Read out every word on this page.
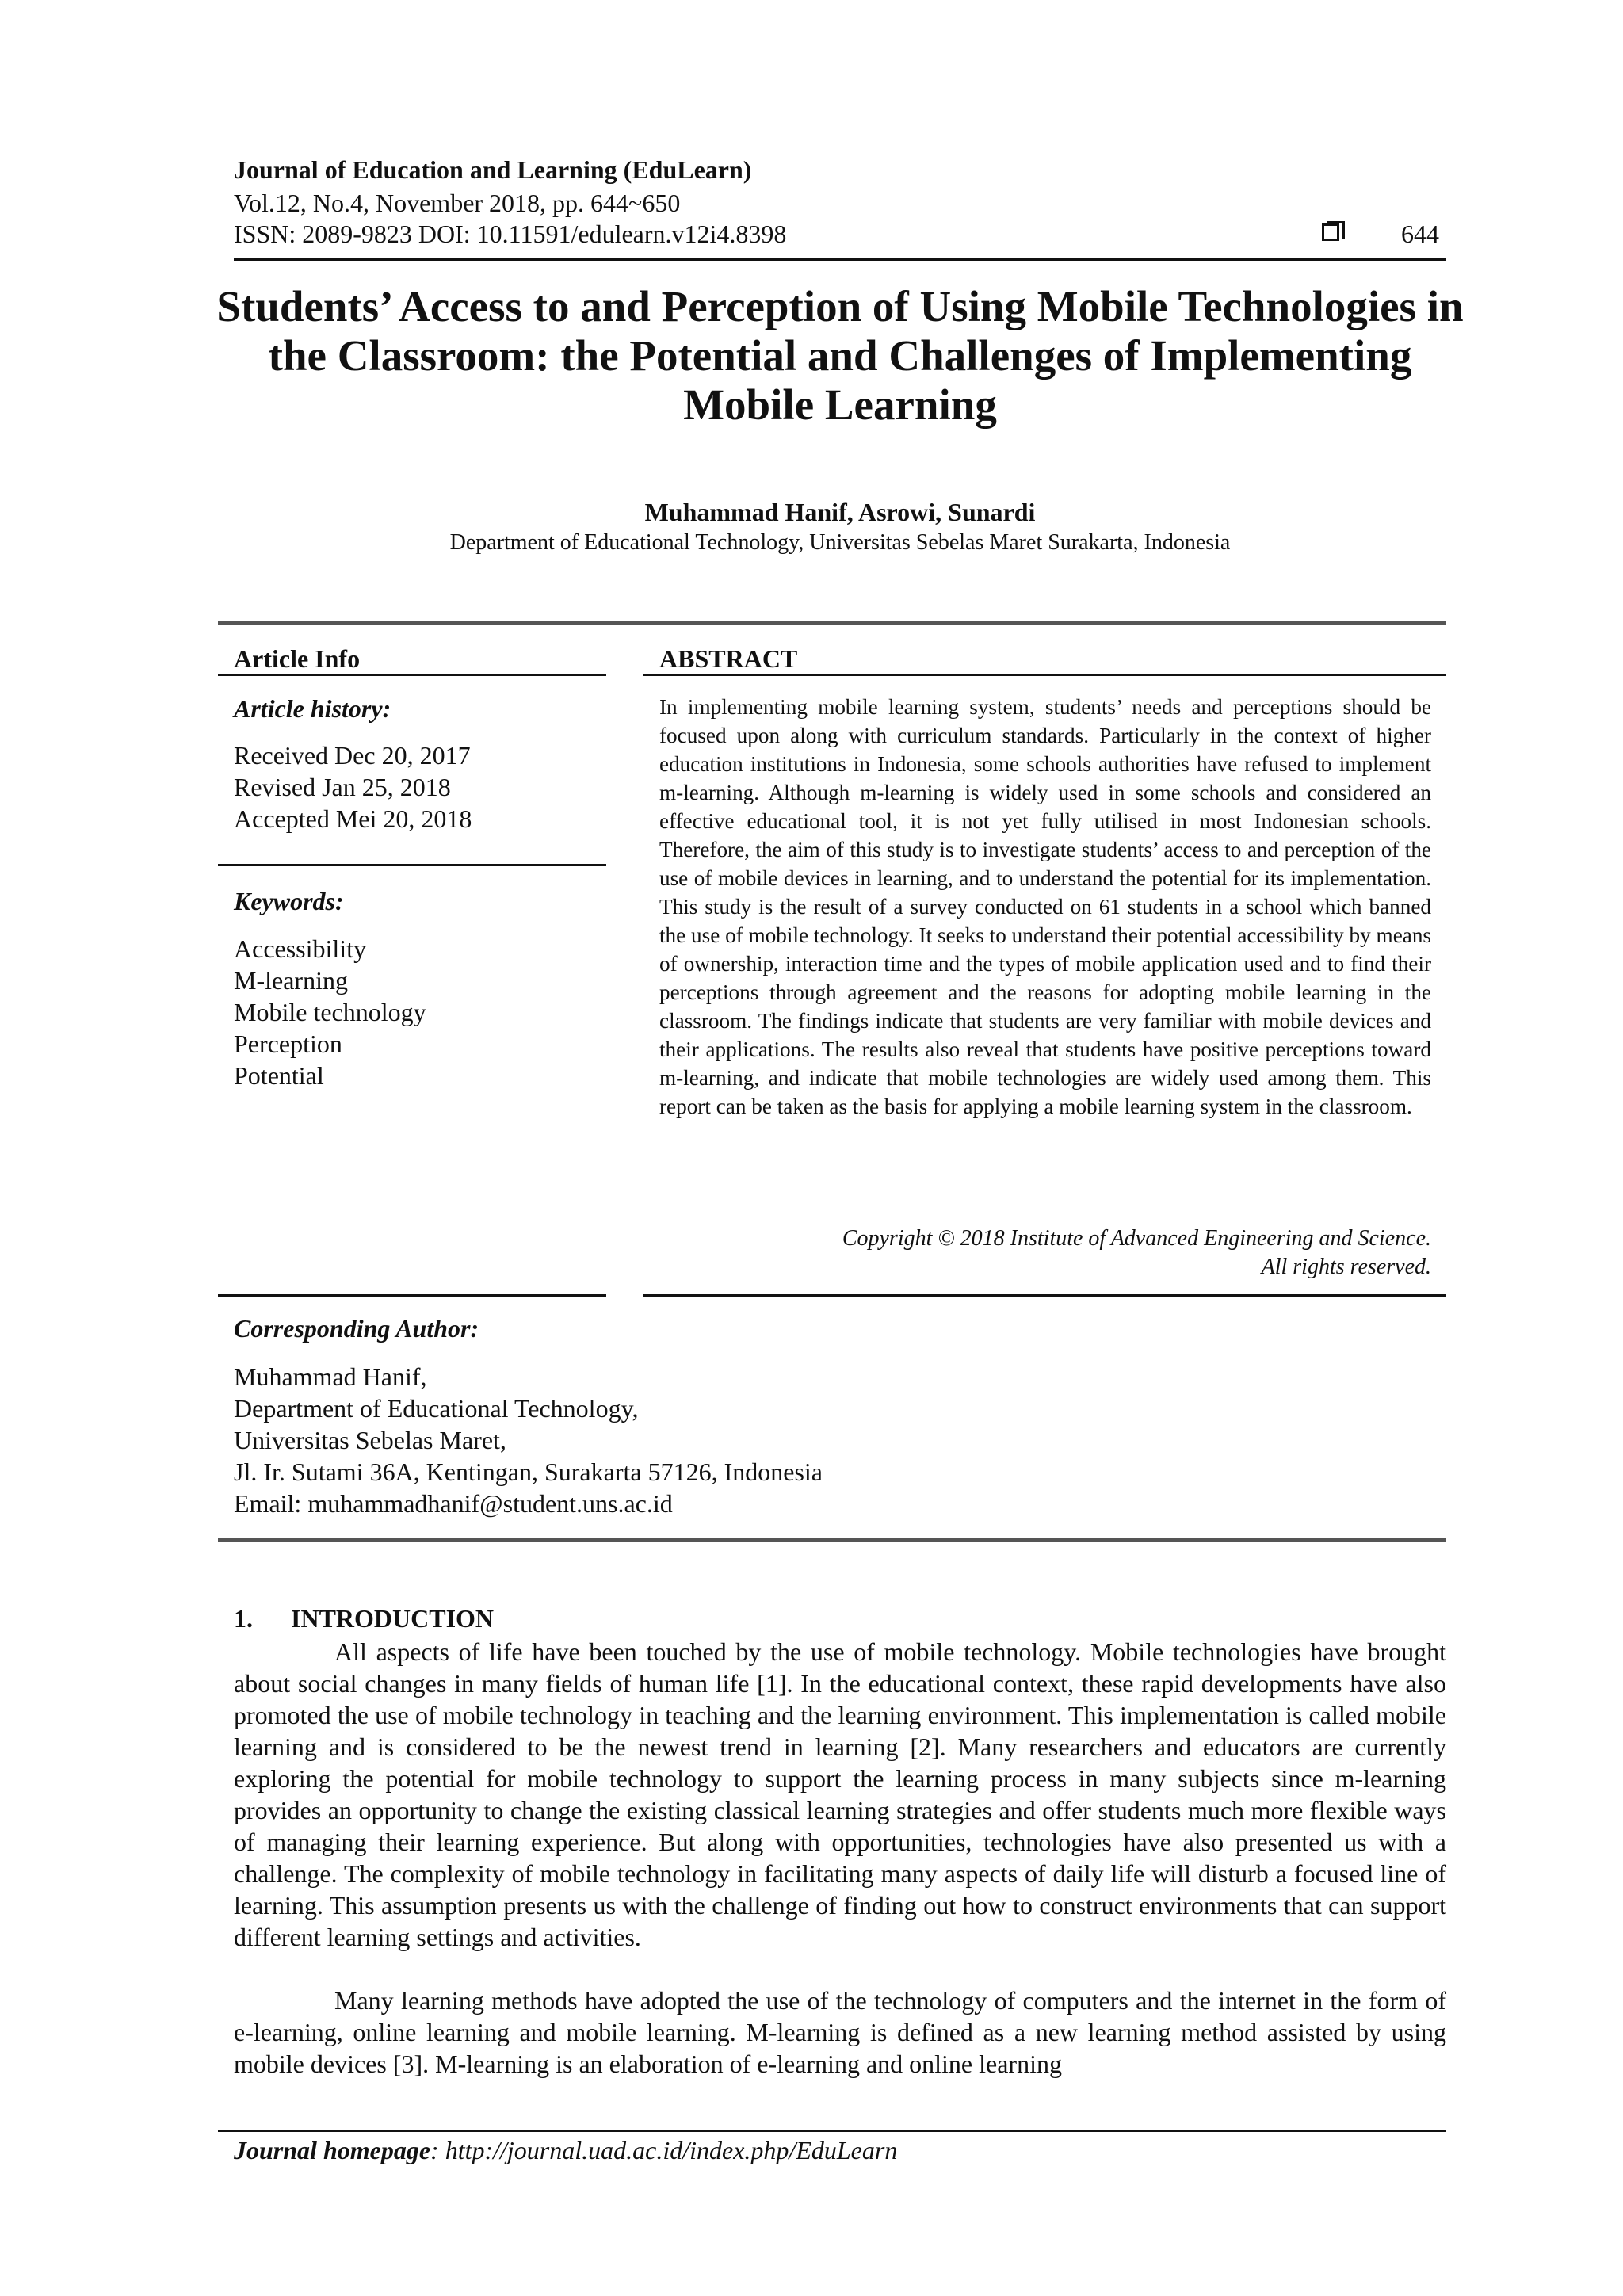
Journal of Education and Learning (EduLearn)
Vol.12, No.4, November 2018, pp. 644~650
ISSN: 2089-9823 DOI: 10.11591/edulearn.v12i4.8398	644
Students’ Access to and Perception of Using Mobile Technologies in the Classroom: the Potential and Challenges of Implementing Mobile Learning
Muhammad Hanif, Asrowi, Sunardi
Department of Educational Technology, Universitas Sebelas Maret Surakarta, Indonesia
Article Info	ABSTRACT
Article history:
Received Dec 20, 2017
Revised Jan 25, 2018
Accepted Mei 20, 2018
Keywords:
Accessibility
M-learning
Mobile technology
Perception
Potential

In implementing mobile learning system, students’ needs and perceptions should be focused upon along with curriculum standards. Particularly in the context of higher education institutions in Indonesia, some schools authorities have refused to implement m-learning. Although m-learning is widely used in some schools and considered an effective educational tool, it is not yet fully utilised in most Indonesian schools. Therefore, the aim of this study is to investigate students’ access to and perception of the use of mobile devices in learning, and to understand the potential for its implementation. This study is the result of a survey conducted on 61 students in a school which banned the use of mobile technology. It seeks to understand their potential accessibility by means of ownership, interaction time and the types of mobile application used and to find their perceptions through agreement and the reasons for adopting mobile learning in the classroom. The findings indicate that students are very familiar with mobile devices and their applications. The results also reveal that students have positive perceptions toward m-learning, and indicate that mobile technologies are widely used among them. This report can be taken as the basis for applying a mobile learning system in the classroom.

Copyright © 2018 Institute of Advanced Engineering and Science.
All rights reserved.
Corresponding Author:
Muhammad Hanif,
Department of Educational Technology,
Universitas Sebelas Maret,
Jl. Ir. Sutami 36A, Kentingan, Surakarta 57126, Indonesia
Email: muhammadhanif@student.uns.ac.id
1. INTRODUCTION

All aspects of life have been touched by the use of mobile technology. Mobile technologies have brought about social changes in many fields of human life [1]. In the educational context, these rapid developments have also promoted the use of mobile technology in teaching and the learning environment. This implementation is called mobile learning and is considered to be the newest trend in learning [2]. Many researchers and educators are currently exploring the potential for mobile technology to support the learning process in many subjects since m-learning provides an opportunity to change the existing classical learning strategies and offer students much more flexible ways of managing their learning experience. But along with opportunities, technologies have also presented us with a challenge. The complexity of mobile technology in facilitating many aspects of daily life will disturb a focused line of learning. This assumption presents us with the challenge of finding out how to construct environments that can support different learning settings and activities.

Many learning methods have adopted the use of the technology of computers and the internet in the form of e-learning, online learning and mobile learning. M-learning is defined as a new learning method assisted by using mobile devices [3]. M-learning is an elaboration of e-learning and online learning

Journal homepage: http://journal.uad.ac.id/index.php/EduLearn
